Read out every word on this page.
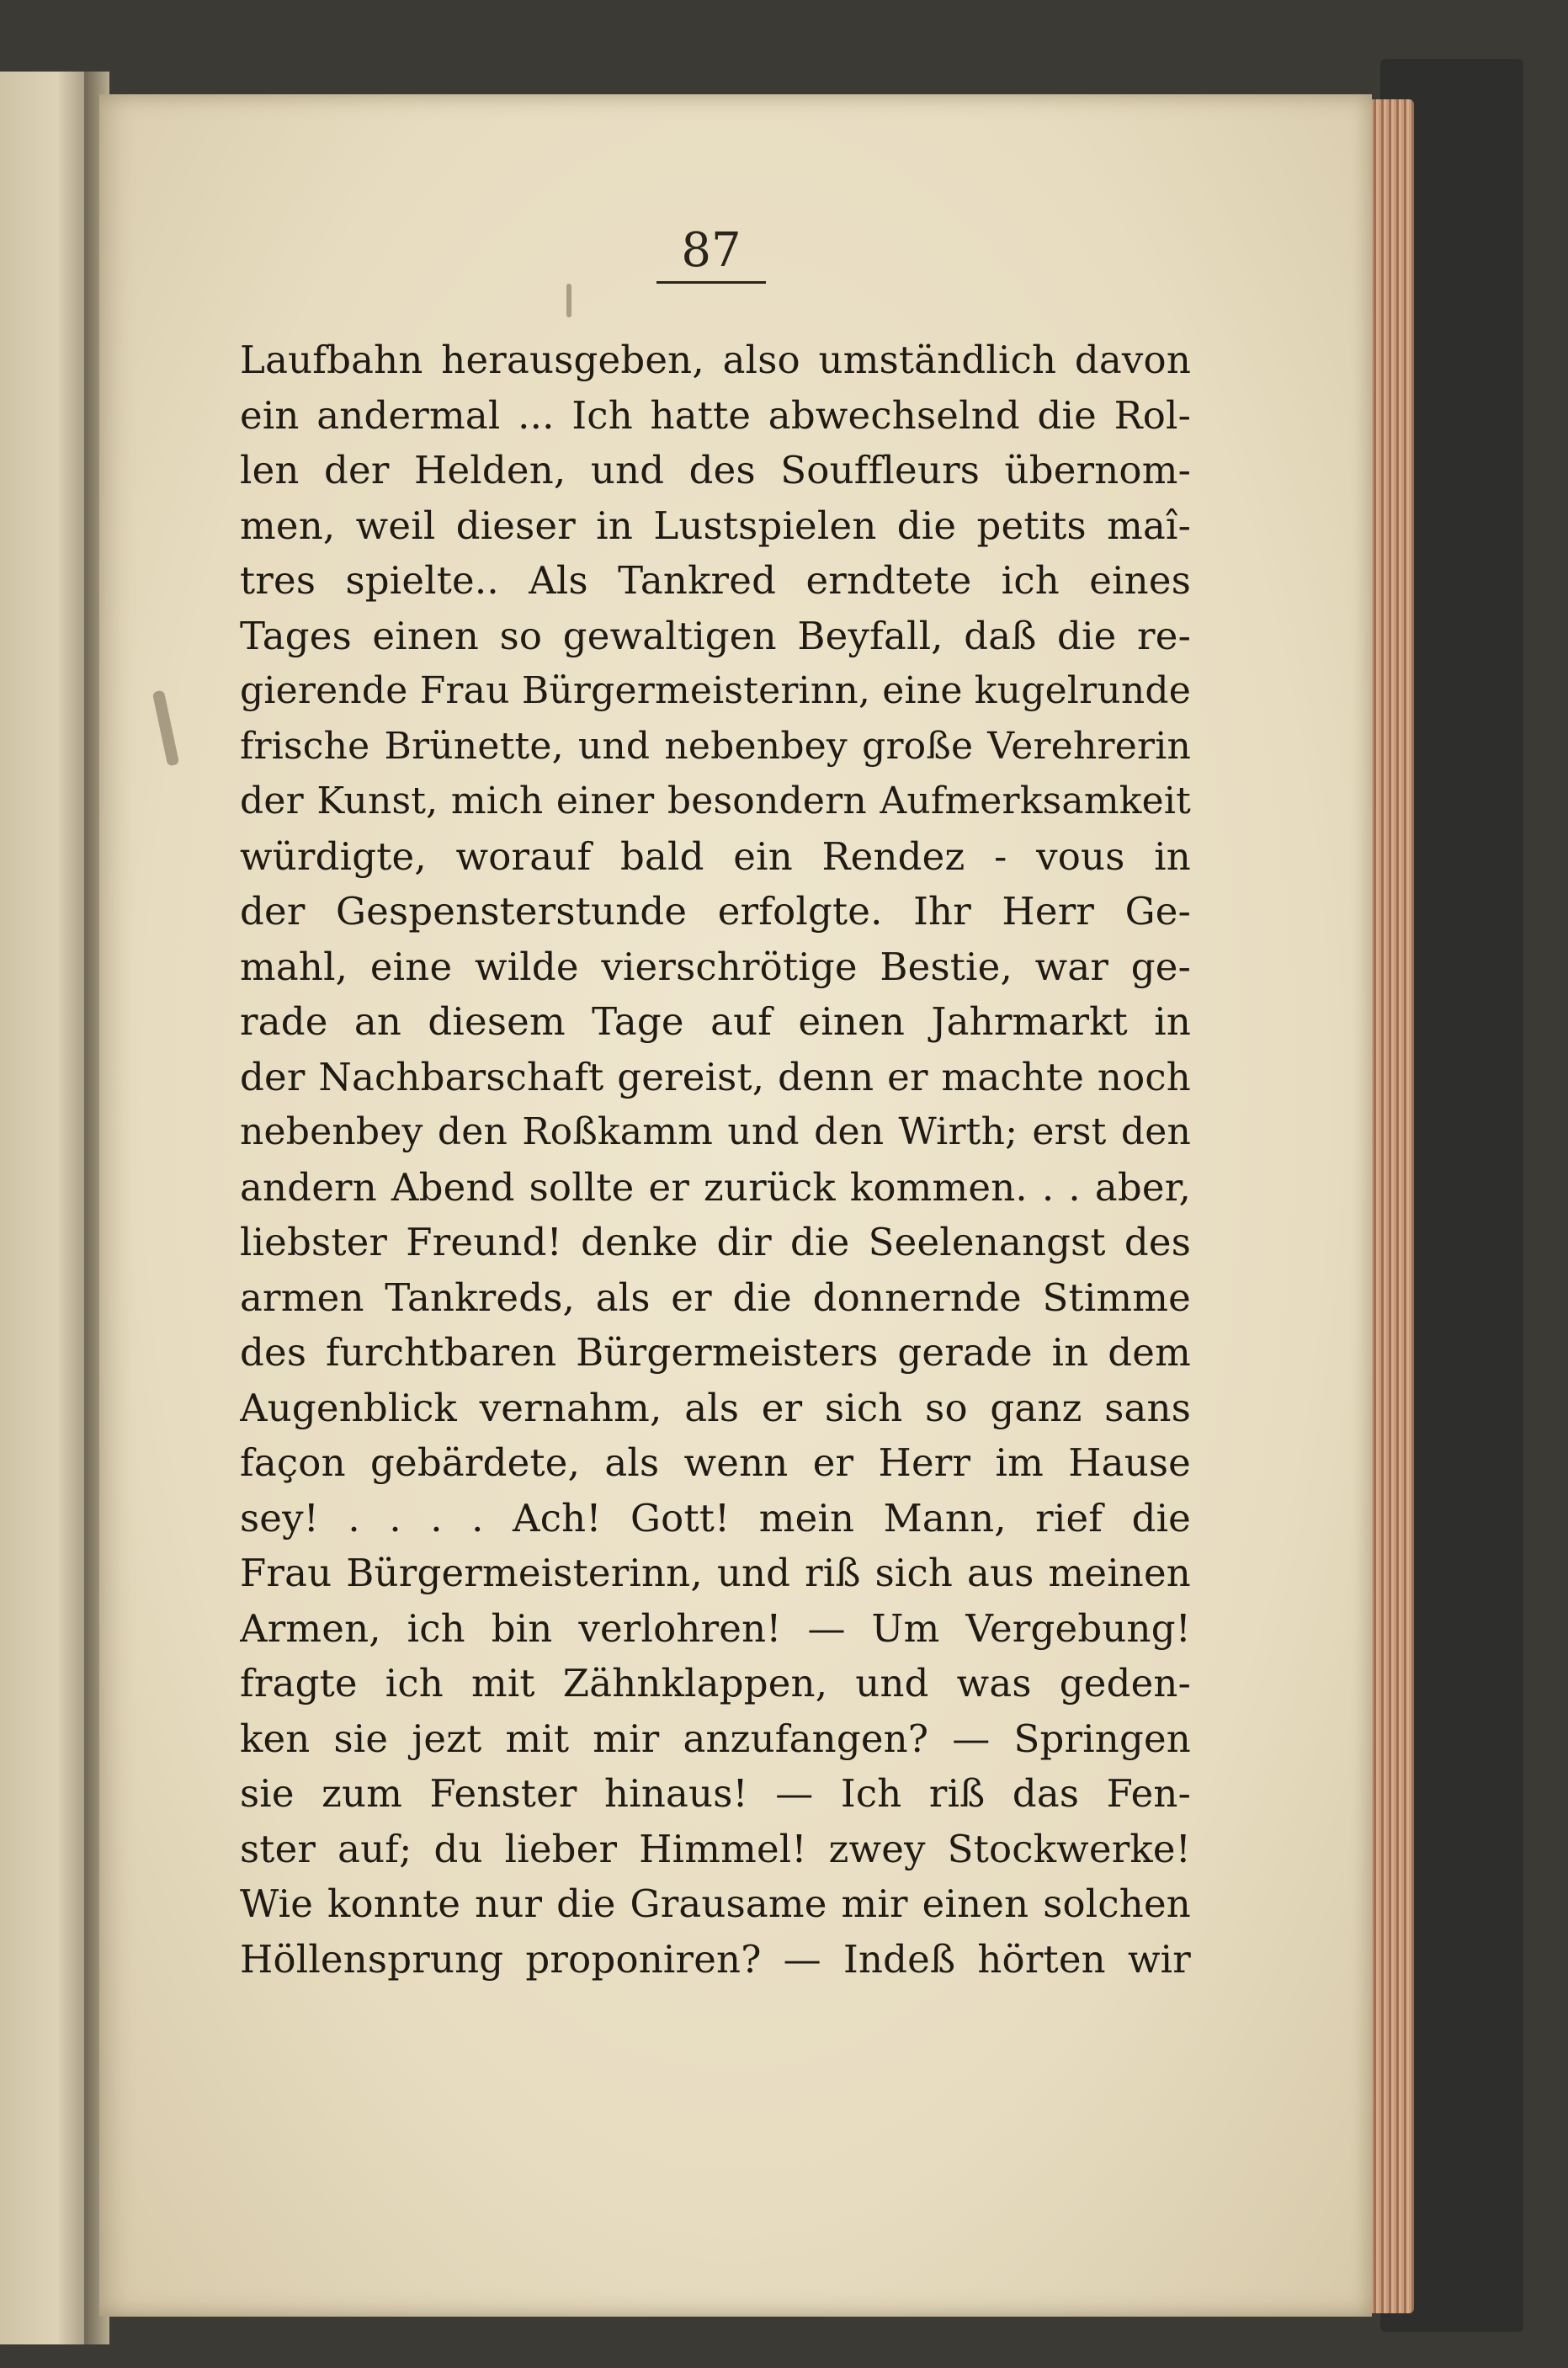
87
Laufbahn herausgeben, also umständlich davon
ein andermal ... Ich hatte abwechselnd die Rol-
len der Helden, und des Souffleurs übernom-
men, weil dieser in Lustspielen die petits maî-
tres spielte.. Als Tankred erndtete ich eines
Tages einen so gewaltigen Beyfall, daß die re-
gierende Frau Bürgermeisterinn, eine kugelrunde
frische Brünette, und nebenbey große Verehrerin
der Kunst, mich einer besondern Aufmerksamkeit
würdigte, worauf bald ein Rendez - vous in
der Gespensterstunde erfolgte. Ihr Herr Ge-
mahl, eine wilde vierschrötige Bestie, war ge-
rade an diesem Tage auf einen Jahrmarkt in
der Nachbarschaft gereist, denn er machte noch
nebenbey den Roßkamm und den Wirth; erst den
andern Abend sollte er zurück kommen. . . aber,
liebster Freund! denke dir die Seelenangst des
armen Tankreds, als er die donnernde Stimme
des furchtbaren Bürgermeisters gerade in dem
Augenblick vernahm, als er sich so ganz sans
façon gebärdete, als wenn er Herr im Hause
sey! . . . . Ach! Gott! mein Mann, rief die
Frau Bürgermeisterinn, und riß sich aus meinen
Armen, ich bin verlohren! — Um Vergebung!
fragte ich mit Zähnklappen, und was geden-
ken sie jezt mit mir anzufangen? — Springen
sie zum Fenster hinaus! — Ich riß das Fen-
ster auf; du lieber Himmel! zwey Stockwerke!
Wie konnte nur die Grausame mir einen solchen
Höllensprung proponiren? — Indeß hörten wir
